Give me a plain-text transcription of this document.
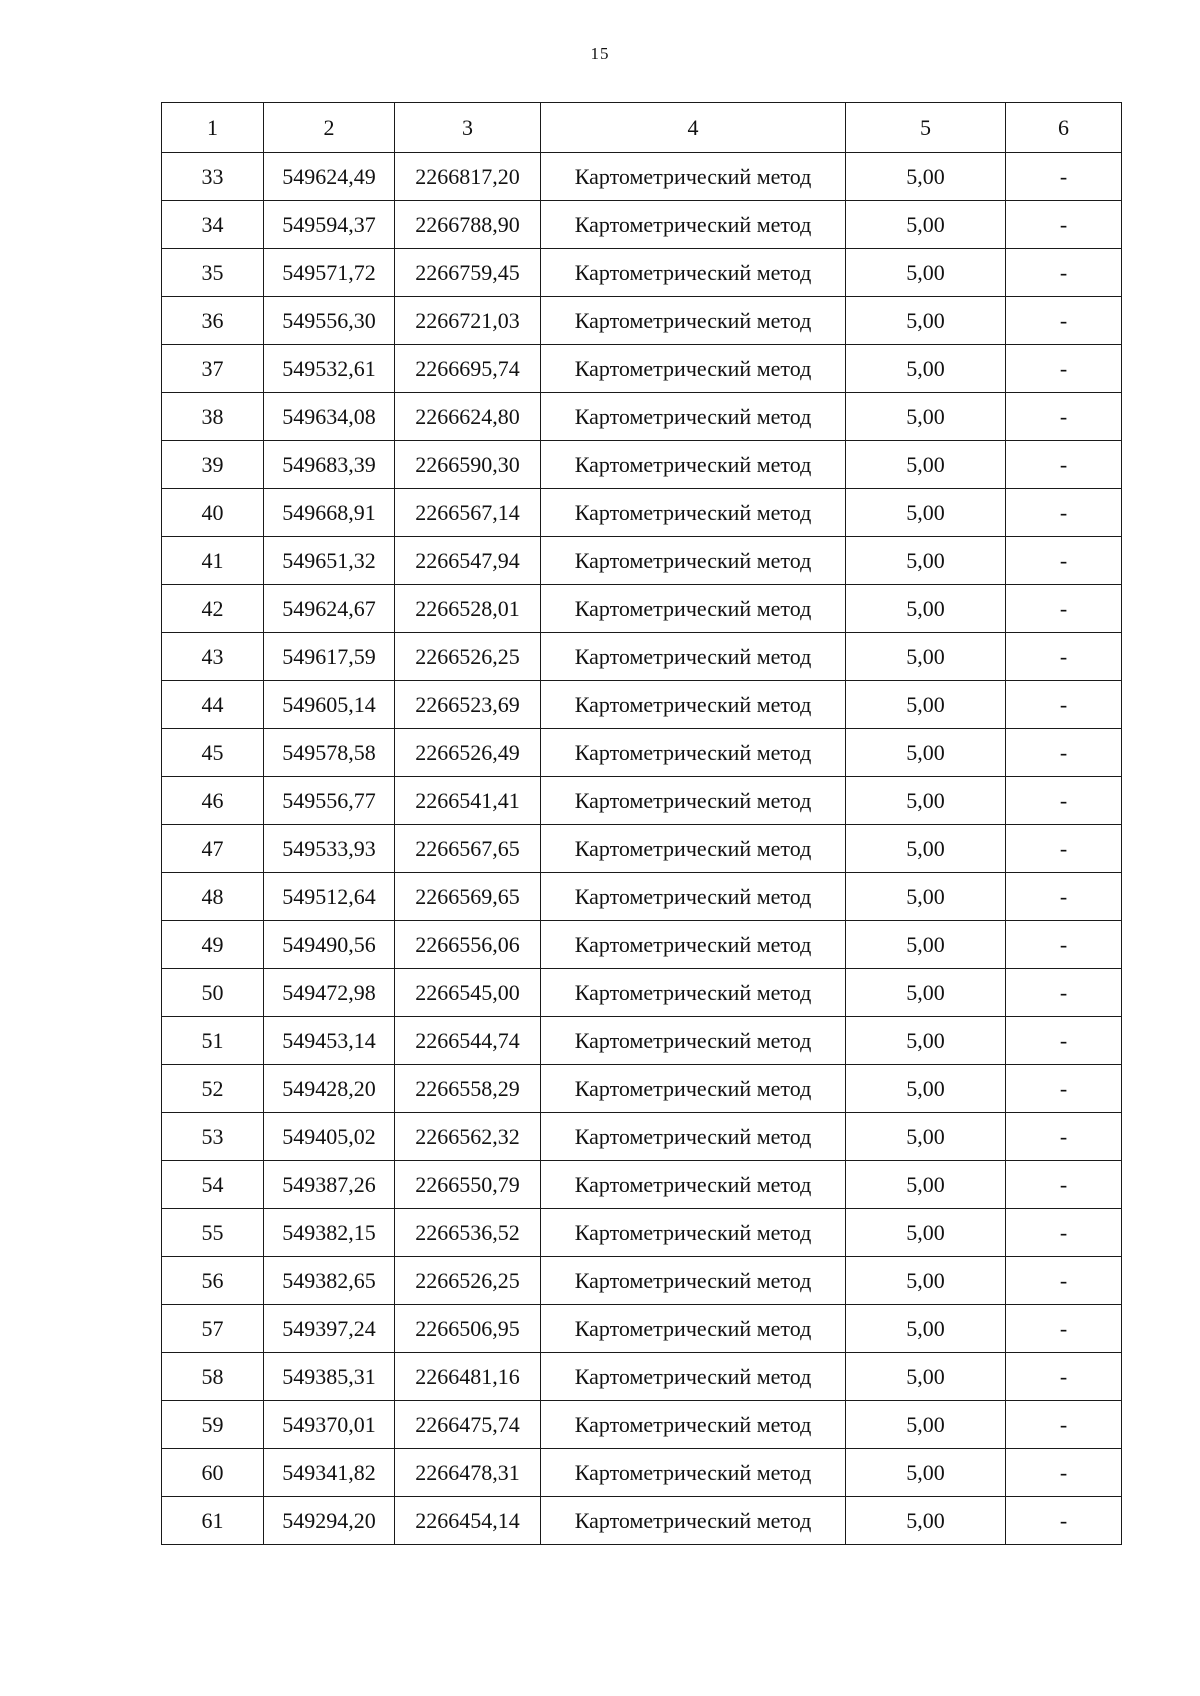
15
1	2	3	4	5	6
33	549624,49	2266817,20	Картометрический метод	5,00	-
34	549594,37	2266788,90	Картометрический метод	5,00	-
35	549571,72	2266759,45	Картометрический метод	5,00	-
36	549556,30	2266721,03	Картометрический метод	5,00	-
37	549532,61	2266695,74	Картометрический метод	5,00	-
38	549634,08	2266624,80	Картометрический метод	5,00	-
39	549683,39	2266590,30	Картометрический метод	5,00	-
40	549668,91	2266567,14	Картометрический метод	5,00	-
41	549651,32	2266547,94	Картометрический метод	5,00	-
42	549624,67	2266528,01	Картометрический метод	5,00	-
43	549617,59	2266526,25	Картометрический метод	5,00	-
44	549605,14	2266523,69	Картометрический метод	5,00	-
45	549578,58	2266526,49	Картометрический метод	5,00	-
46	549556,77	2266541,41	Картометрический метод	5,00	-
47	549533,93	2266567,65	Картометрический метод	5,00	-
48	549512,64	2266569,65	Картометрический метод	5,00	-
49	549490,56	2266556,06	Картометрический метод	5,00	-
50	549472,98	2266545,00	Картометрический метод	5,00	-
51	549453,14	2266544,74	Картометрический метод	5,00	-
52	549428,20	2266558,29	Картометрический метод	5,00	-
53	549405,02	2266562,32	Картометрический метод	5,00	-
54	549387,26	2266550,79	Картометрический метод	5,00	-
55	549382,15	2266536,52	Картометрический метод	5,00	-
56	549382,65	2266526,25	Картометрический метод	5,00	-
57	549397,24	2266506,95	Картометрический метод	5,00	-
58	549385,31	2266481,16	Картометрический метод	5,00	-
59	549370,01	2266475,74	Картометрический метод	5,00	-
60	549341,82	2266478,31	Картометрический метод	5,00	-
61	549294,20	2266454,14	Картометрический метод	5,00	-
